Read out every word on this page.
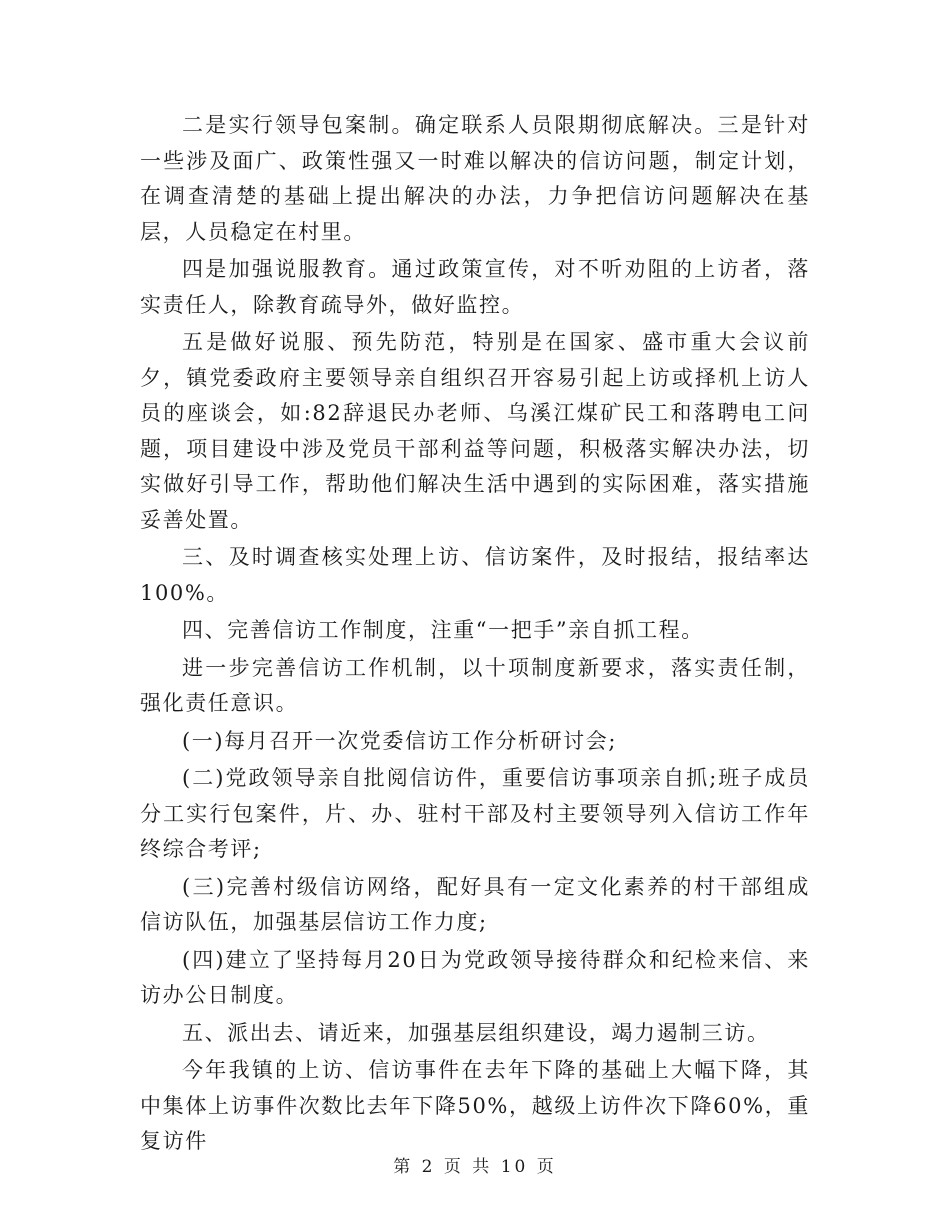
二是实行领导包案制。确定联系人员限期彻底解决。三是针对一些涉及面广、政策性强又一时难以解决的信访问题，制定计划，在调查清楚的基础上提出解决的办法，力争把信访问题解决在基层，人员稳定在村里。

四是加强说服教育。通过政策宣传，对不听劝阻的上访者，落实责任人，除教育疏导外，做好监控。

五是做好说服、预先防范，特别是在国家、盛市重大会议前夕，镇党委政府主要领导亲自组织召开容易引起上访或择机上访人员的座谈会，如:82辞退民办老师、乌溪江煤矿民工和落聘电工问题，项目建设中涉及党员干部利益等问题，积极落实解决办法，切实做好引导工作，帮助他们解决生活中遇到的实际困难，落实措施妥善处置。

三、及时调查核实处理上访、信访案件，及时报结，报结率达100%。

四、完善信访工作制度，注重“一把手”亲自抓工程。

进一步完善信访工作机制，以十项制度新要求，落实责任制，强化责任意识。

(一)每月召开一次党委信访工作分析研讨会;

(二)党政领导亲自批阅信访件，重要信访事项亲自抓;班子成员分工实行包案件，片、办、驻村干部及村主要领导列入信访工作年终综合考评;

(三)完善村级信访网络，配好具有一定文化素养的村干部组成信访队伍，加强基层信访工作力度;

(四)建立了坚持每月20日为党政领导接待群众和纪检来信、来访办公日制度。

五、派出去、请近来，加强基层组织建设，竭力遏制三访。

今年我镇的上访、信访事件在去年下降的基础上大幅下降，其中集体上访事件次数比去年下降50%，越级上访件次下降60%，重复访件

第 2 页 共 10 页
